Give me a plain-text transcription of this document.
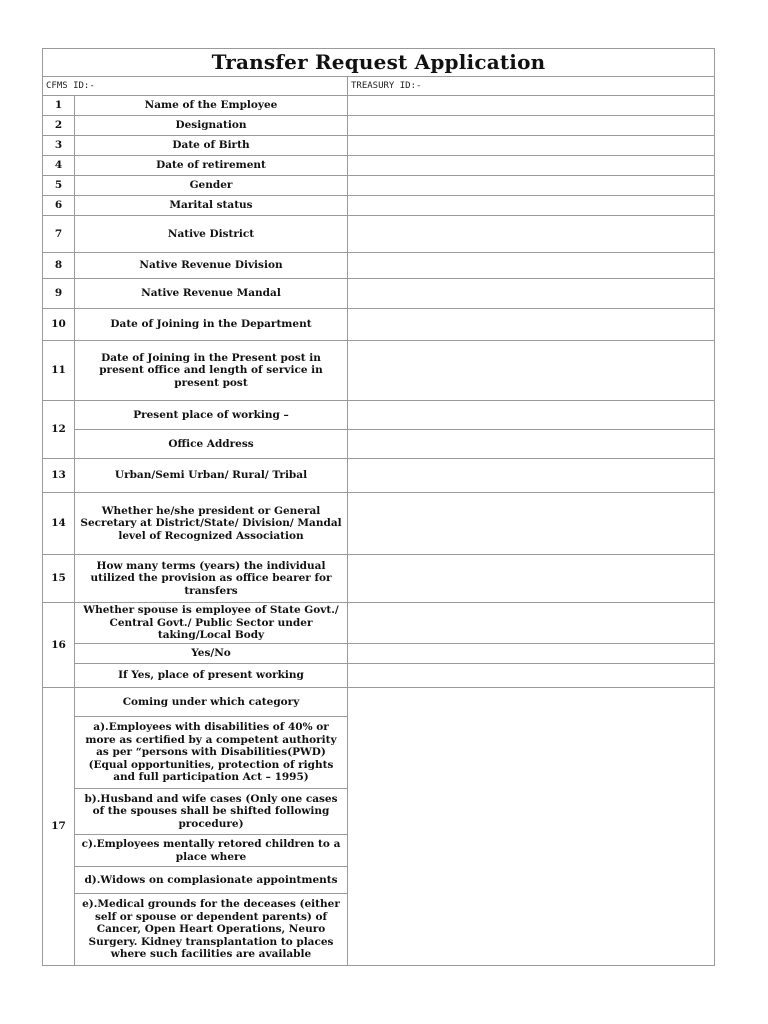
Transfer Request Application		
CFMS ID:-		TREASURY ID:-
1	Name of the Employee	
2	Designation	
3	Date of Birth	
4	Date of retirement	
5	Gender	
6	Marital status	
7	Native District	
8	Native Revenue Division	
9	Native Revenue Mandal	
10	Date of Joining in the Department	
11	Date of Joining in the Present post in present office and length of service in present post	
12	Present place of working –	
	Office Address	
13	Urban/Semi Urban/ Rural/ Tribal	
14	Whether he/she president or General Secretary at District/State/ Division/ Mandal level of Recognized Association	
15	How many terms (years) the individual utilized the provision as office bearer for transfers	
16	Whether spouse is employee of State Govt./ Central Govt./ Public Sector under taking/Local Body	
	Yes/No	
	If Yes, place of present working	
17	Coming under which category	
	a).Employees with disabilities of 40% or more as certified by a competent authority as per “persons with Disabilities(PWD) (Equal opportunities, protection of rights and full participation Act – 1995)	
	b).Husband and wife cases (Only one cases of the spouses shall be shifted following procedure)	
	c).Employees mentally retored children to a place where	
	d).Widows on complasionate appointments	
	e).Medical grounds for the deceases (either self or spouse or dependent parents) of Cancer, Open Heart Operations, Neuro Surgery. Kidney transplantation to places where such facilities are available	
